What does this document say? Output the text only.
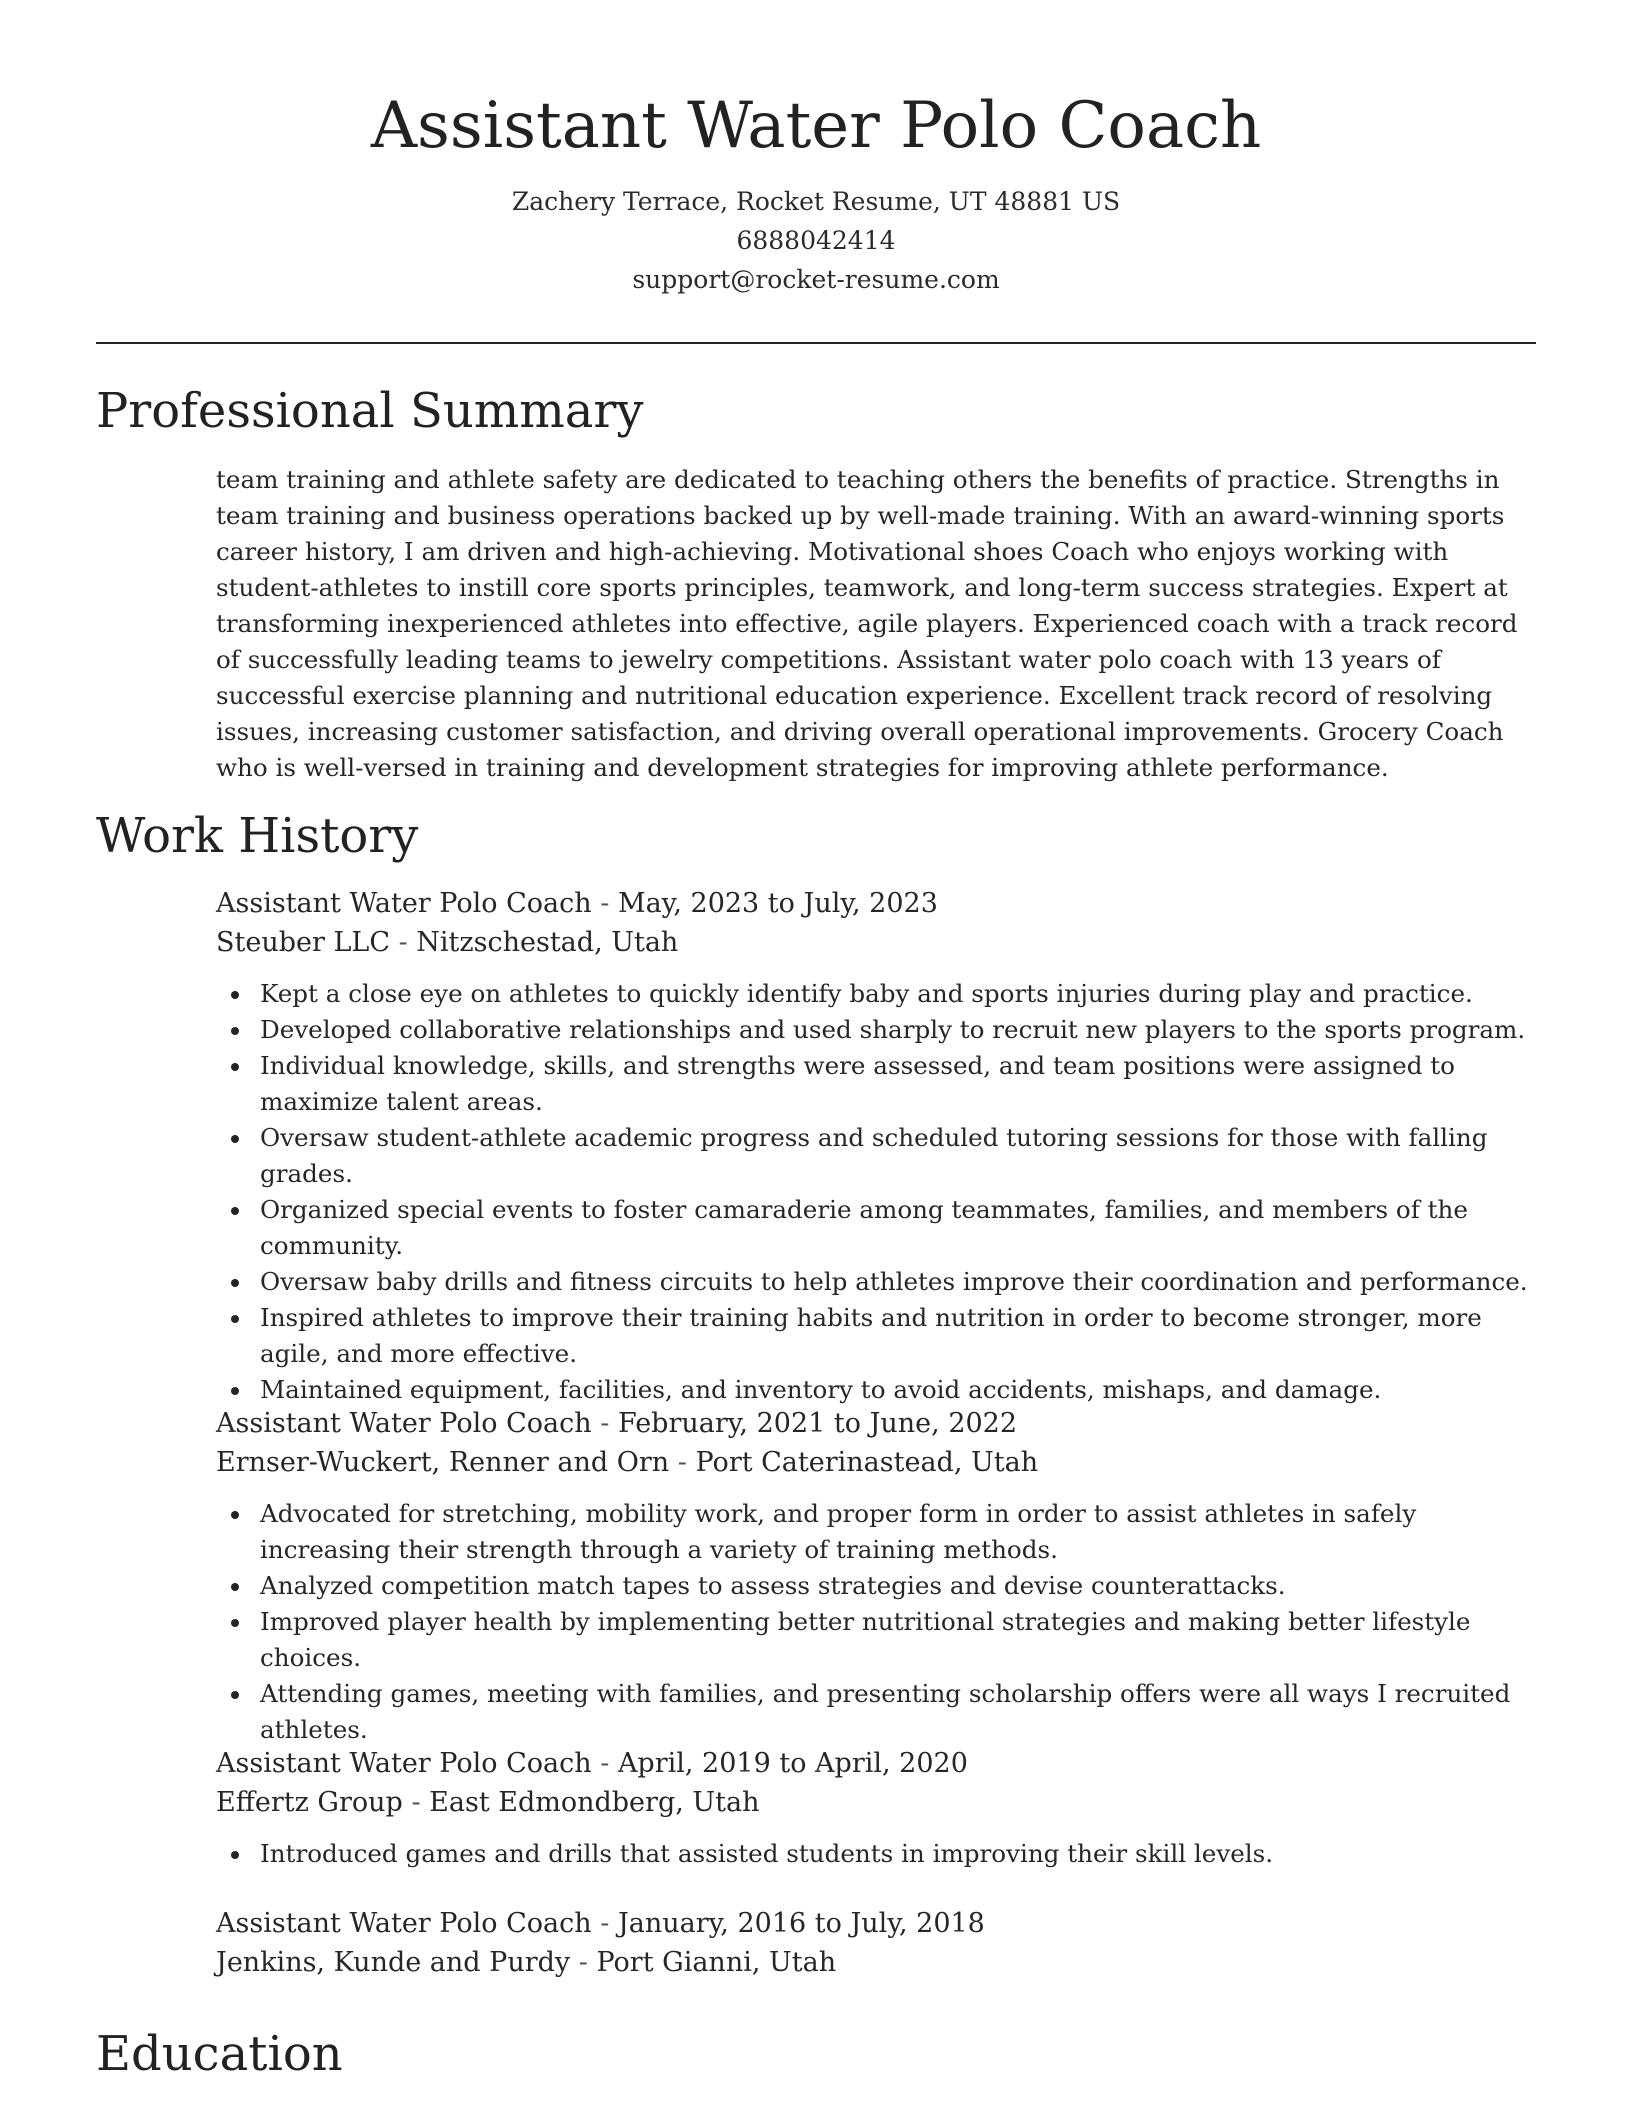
Assistant Water Polo Coach
Zachery Terrace, Rocket Resume, UT 48881 US
6888042414
support@rocket-resume.com
Professional Summary

team training and athlete safety are dedicated to teaching others the benefits of practice. Strengths in team training and business operations backed up by well-made training. With an award-winning sports career history, I am driven and high-achieving. Motivational shoes Coach who enjoys working with student-athletes to instill core sports principles, teamwork, and long-term success strategies. Expert at transforming inexperienced athletes into effective, agile players. Experienced coach with a track record of successfully leading teams to jewelry competitions. Assistant water polo coach with 13 years of successful exercise planning and nutritional education experience. Excellent track record of resolving issues, increasing customer satisfaction, and driving overall operational improvements. Grocery Coach who is well-versed in training and development strategies for improving athlete performance.

Work History
Assistant Water Polo Coach - May, 2023 to July, 2023
Steuber LLC - Nitzschestad, Utah
Kept a close eye on athletes to quickly identify baby and sports injuries during play and practice.
Developed collaborative relationships and used sharply to recruit new players to the sports program.
Individual knowledge, skills, and strengths were assessed, and team positions were assigned to maximize talent areas.
Oversaw student-athlete academic progress and scheduled tutoring sessions for those with falling grades.
Organized special events to foster camaraderie among teammates, families, and members of the community.
Oversaw baby drills and fitness circuits to help athletes improve their coordination and performance.
Inspired athletes to improve their training habits and nutrition in order to become stronger, more agile, and more effective.
Maintained equipment, facilities, and inventory to avoid accidents, mishaps, and damage.
Assistant Water Polo Coach - February, 2021 to June, 2022
Ernser-Wuckert, Renner and Orn - Port Caterinastead, Utah
Advocated for stretching, mobility work, and proper form in order to assist athletes in safely increasing their strength through a variety of training methods.
Analyzed competition match tapes to assess strategies and devise counterattacks.
Improved player health by implementing better nutritional strategies and making better lifestyle choices.
Attending games, meeting with families, and presenting scholarship offers were all ways I recruited athletes.
Assistant Water Polo Coach - April, 2019 to April, 2020
Effertz Group - East Edmondberg, Utah
Introduced games and drills that assisted students in improving their skill levels.
Assistant Water Polo Coach - January, 2016 to July, 2018
Jenkins, Kunde and Purdy - Port Gianni, Utah
Education
